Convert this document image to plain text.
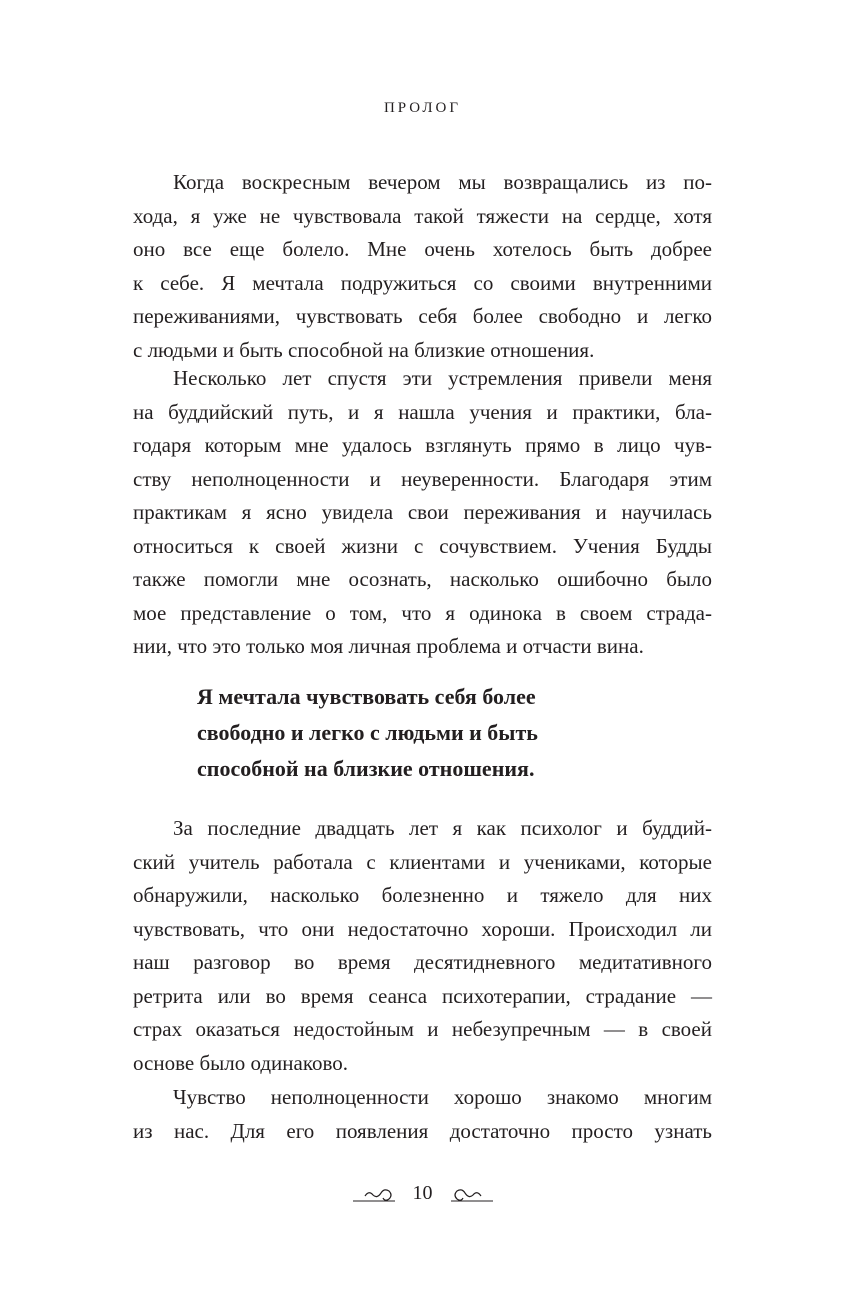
ПРОЛОГ
Когда воскресным вечером мы возвращались из по-
хода, я уже не чувствовала такой тяжести на сердце, хотя
оно все еще болело. Мне очень хотелось быть добрее
к себе. Я мечтала подружиться со своими внутренними
переживаниями, чувствовать себя более свободно и легко
с людьми и быть способной на близкие отношения.
Несколько лет спустя эти устремления привели меня
на буддийский путь, и я нашла учения и практики, бла-
годаря которым мне удалось взглянуть прямо в лицо чув-
ству неполноценности и неуверенности. Благодаря этим
практикам я ясно увидела свои переживания и научилась
относиться к своей жизни с сочувствием. Учения Будды
также помогли мне осознать, насколько ошибочно было
мое представление о том, что я одинока в своем страда-
нии, что это только моя личная проблема и отчасти вина.
За последние двадцать лет я как психолог и буддий-
ский учитель работала с клиентами и учениками, которые
обнаружили, насколько болезненно и тяжело для них
чувствовать, что они недостаточно хороши. Происходил ли
наш разговор во время десятидневного медитативного
ретрита или во время сеанса психотерапии, страдание —
страх оказаться недостойным и небезупречным — в своей
основе было одинаково.
Чувство неполноценности хорошо знакомо многим
из нас. Для его появления достаточно просто узнать
Я мечтала чувствовать себя более
свободно и легко с людьми и быть
способной на близкие отношения.
10
